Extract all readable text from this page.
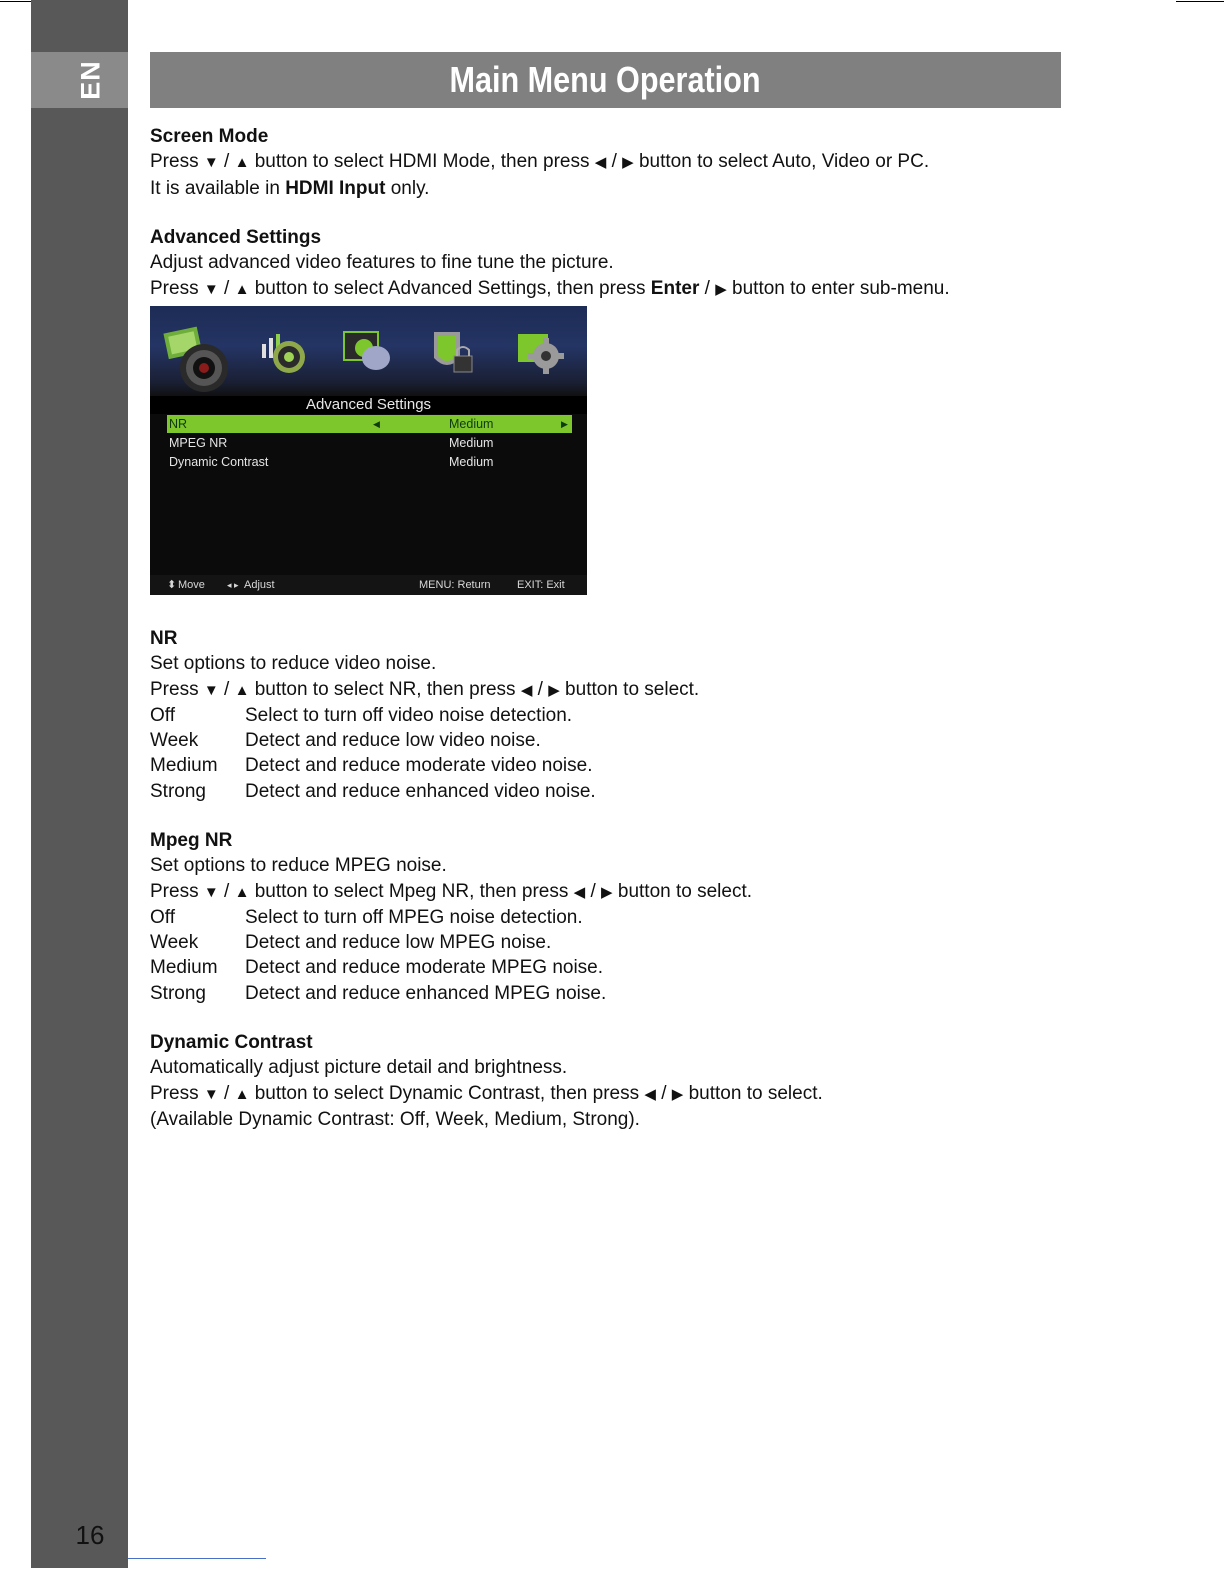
EN
16
Main Menu Operation

Screen Mode

Press ▼ / ▲ button to select HDMI Mode, then press ◀ / ▶ button to select Auto, Video or PC.

It is available in HDMI Input only.

Advanced Settings

Adjust advanced video features to fine tune the picture.

Press ▼ / ▲ button to select Advanced Settings, then press Enter / ▶ button to enter sub-menu.

Advanced Settings
NR	◀	Medium	▶
MPEG NR	Medium
Dynamic Contrast	Medium
⬍ Move ◂ ▸ Adjust	MENU: Return EXIT: Exit

NR

Set options to reduce video noise.

Press ▼ / ▲ button to select NR, then press ◀ / ▶ button to select.

Off	Select to turn off video noise detection.
Week	Detect and reduce low video noise.
Medium	Detect and reduce moderate video noise.
Strong	Detect and reduce enhanced video noise.

Mpeg NR

Set options to reduce MPEG noise.

Press ▼ / ▲ button to select Mpeg NR, then press ◀ / ▶ button to select.

Off	Select to turn off MPEG noise detection.
Week	Detect and reduce low MPEG noise.
Medium	Detect and reduce moderate MPEG noise.
Strong	Detect and reduce enhanced MPEG noise.

Dynamic Contrast

Automatically adjust picture detail and brightness.

Press ▼ / ▲ button to select Dynamic Contrast, then press ◀ / ▶ button to select.

(Available Dynamic Contrast: Off, Week, Medium, Strong).
